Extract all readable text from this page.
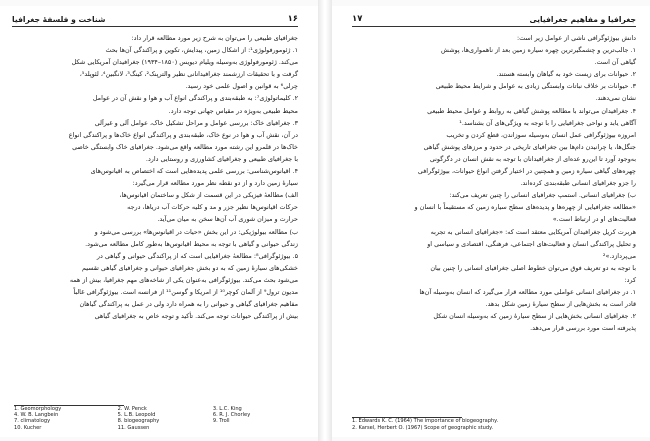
۱۶
شناخت و فلسفهٔ جغرافیا

جغرافیای طبیعی را می‌توان به شرح زیر مورد مطالعه قرار داد:

۱. ژئومورفولوژی¹: از اشکال زمین، پیدایش، تکوین و پراکندگی آن‌ها بحث

می‌کند. ژئومورفولوژی به‌وسیله ویلیام دیویس (۱۸۵۰–۱۹۳۴) جغرافیدان آمریکایی شکل

گرفت و با تحقیقات ارزشمند جغرافیدانانی نظیر والترپنک²، کینگ³، لانگبین⁴، لئوپلد⁵،

چرلی⁶ به قوانین و اصول علمی خود رسید.

۲. کلیماتولوژی⁷: به طبقه‌بندی و پراکندگی انواع آب و هوا و نقش آن در عوامل

محیط طبیعی به‌ویژه در مقیاس جهانی توجه دارد.

۳. جغرافیای خاک: بررسی عوامل و مراحل تشکیل خاک، عوامل آلی و غیرآلی

در آن، نقش آب و هوا در نوع خاک، طبقه‌بندی و پراکندگی انواع خاک‌ها و پراکندگی انواع

خاک‌ها در قلمرو این رشته مورد مطالعه واقع می‌شود. جغرافیای خاک وابستگی خاصی

با جغرافیای طبیعی و جغرافیای کشاورزی و روستایی دارد.

۴. اقیانوس‌شناسی: بررسی علمی پدیده‌هایی است که اختصاص به اقیانوس‌های

سیارهٔ زمین دارد و از دو نقطه نظر مورد مطالعه قرار می‌گیرد:

الف) مطالعهٔ فیزیکی در این قسمت از شکل و ساختمان اقیانوس‌ها،

حرکات اقیانوس‌ها نظیر جزر و مد و کلیه حرکات آب دریاها، درجه

حرارت و میزان شوری آب آن‌ها سخن به میان می‌آید.

ب) مطالعه بیولوژیکی: در این بخش «حیات در اقیانوس‌ها» بررسی می‌شود و

زندگی حیوانی و گیاهی با توجه به محیط اقیانوس‌ها به‌طور کامل مطالعه می‌شود.

۵. بیوژئوگرافی⁸: مطالعهٔ جغرافیایی است که از پراکندگی حیوانی و گیاهی در

خشکی‌های سیارهٔ زمین که به دو بخش جغرافیای حیوانی و جغرافیای گیاهی تقسیم

می‌شود بحث می‌کند. بیوژئوگرافی به‌عنوان یکی از شاخه‌های مهم جغرافیا، بیش از همه

مدیون ترول⁹ از آلمان کوچر¹⁰ از امریکا و گوسن¹¹ از فرانسه است. بیوژئوگرافی غالباً

مفاهیم جغرافیای گیاهی و حیوانی را به همراه دارد ولی در عمل به پراکندگی گیاهان

بیش از پراکندگی حیوانات توجه می‌کند. تأکید و توجه خاص به جغرافیای گیاهی

1. Geomorphology	2. W. Penck	3. L.C. King
4. W. B. Langbein	5. L.B. Leopold	6. R. J. Chorley
7. climatology	8. biogeography	9. Troll
10. Kucher	11. Gaussen
جغرافیا و مفاهیم جغرافیایی
۱۷

دانش بیوژئوگرافی ناشی از عوامل زیر است:

۱. جالب‌ترین و چشمگیرترین چهره سیاره زمین بعد از ناهمواری‌ها، پوشش

گیاهی آن است.

۲. حیوانات برای زیست خود به گیاهان وابسته هستند.

۳. حیوانات بر خلاف نباتات وابستگی زیادی به عوامل و شرایط محیط طبیعی

نشان نمی‌دهند.

۴. جغرافیدان می‌تواند با مطالعه پوشش گیاهی به روابط و عوامل محیط طبیعی

آگاهی یابد و نواحی جغرافیایی را با توجه به ویژگی‌های آن بشناسد.¹

امروزه بیوژئوگرافی عمل انسان به‌وسیله سوزاندن، قطع کردن و تخریب

جنگل‌ها، یا چرانیدن دام‌ها بین جغرافیای تاریخی در حدود و مرزهای پوشش گیاهی

به‌وجود آورد تا این‌رو عده‌ای از جغرافیدانان با توجه به نقش انسان در دگرگونی

چهره‌های گیاهی سیاره زمین و همچنین در اختیار گرفتن انواع حیوانات، بیوژئوگرافی

را جزو جغرافیای انسانی طبقه‌بندی کرده‌اند.

ب) جغرافیای انسانی. استمپ جغرافیای انسانی را چنین تعریف می‌کند:

«مطالعه جغرافیایی از چهره‌ها و پدیده‌های سطح سیاره زمین که مستقیماً با انسان و

فعالیت‌های او در ارتباط است.»

هربرت کریل جغرافیدان آمریکایی معتقد است که: «جغرافیای انسانی به تجربه

و تحلیل پراکندگی انسان و فعالیت‌های اجتماعی، فرهنگی، اقتصادی و سیاسی او

می‌پردازد.»²

با توجه به دو تعریف فوق می‌توان خطوط اصلی جغرافیای انسانی را چنین بیان

کرد:

۱. در جغرافیای انسانی عواملی مورد مطالعه قرار می‌گیرد که انسان به‌وسیله آن‌ها

قادر است به بخش‌هایی از سطح سیارهٔ زمین شکل بدهد.

۲. جغرافیای انسانی بخش‌هایی از سطح سیارهٔ زمین که به‌وسیله انسان شکل

پذیرفته است مورد بررسی قرار می‌دهد.

1. Edwards K. C. (1964) The importance of biogeography.
2. Karsel, Herbert O. (1967) Scope of geographic study.
